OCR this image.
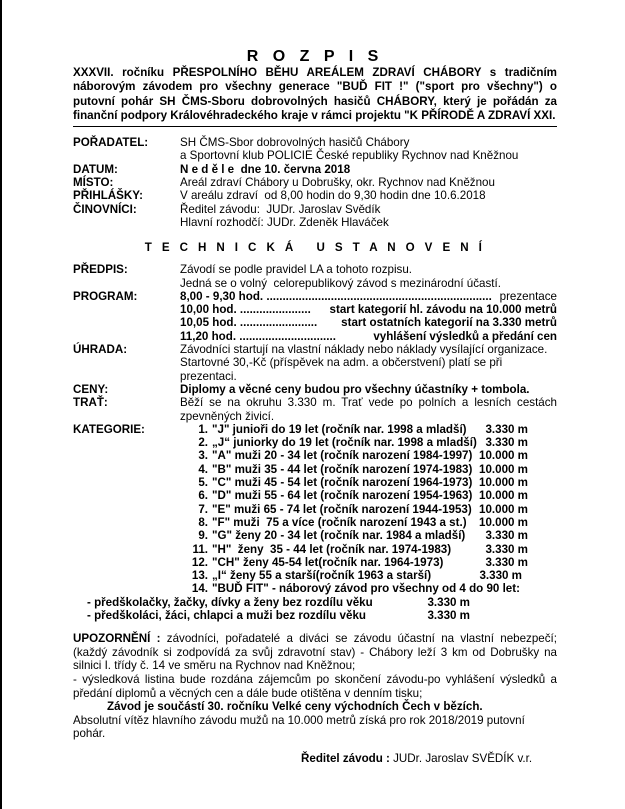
R O Z P I S

XXXVII. ročníku PŘESPOLNÍHO BĚHU AREÁLEM ZDRAVÍ CHÁBORY s tradičním náborovým závodem pro všechny generace "BUĎ FIT !" ("sport pro všechny") o putovní pohár SH ČMS-Sboru dobrovolných hasičů CHÁBORY, který je pořádán za finanční podpory Královéhradeckého kraje v rámci projektu "K PŘÍRODĚ A ZDRAVÍ XXI.

POŘADATEL:	SH ČMS-Sbor dobrovolných hasičů Chábory
a Sportovní klub POLICIE České republiky Rychnov nad Kněžnou
DATUM:	N e d ě l e  dne 10. června 2018
MÍSTO:	Areál zdraví Chábory u Dobrušky, okr. Rychnov nad Kněžnou
PŘIHLÁŠKY:	V areálu zdraví  od 8,00 hodin do 9,30 hodin dne 10.6.2018
ČINOVNÍCI:	Ředitel závodu:  JUDr. Jaroslav Svědík
Hlavní rozhodčí: JUDr. Zdeněk Hlaváček
T E C H N I C K Á   U S T A N O V E N Í
PŘEDPIS:	Závodí se podle pravidel LA a tohoto rozpisu.
Jedná se o volný  celorepublikový závod s mezinárodní účastí.
PROGRAM:	8,00 - 9,30 hod. ...................................................................... prezentace
10,00 hod. ......................	start kategorií hl. závodu na 10.000 metrů
10,05 hod. ........................	start ostatních kategorií na 3.330 metrů
11,20 hod. ..............................	vyhlášení výsledků a předání cen
ÚHRADA:	Závodníci startují na vlastní náklady nebo náklady vysílající organizace.
Startovné 30,-Kč (příspěvek na adm. a občerstvení) platí se při prezentaci.
CENY:	Diplomy a věcné ceny budou pro všechny účastníky + tombola.
TRAŤ:	Běží se na okruhu 3.330 m. Trať vede po polních a lesních cestách zpevněných živicí.
KATEGORIE:	1. "J" junioři do 19 let (ročník nar. 1998 a mladší)	3.330 m
2. „J“ juniorky do 19 let (ročník nar. 1998 a mladší) 3.330 m
3. "A" muži 20 - 34 let (ročník narození 1984-1997) 10.000 m
4. "B" muži 35 - 44 let (ročník narození 1974-1983) 10.000 m
5. "C" muži 45 - 54 let (ročník narození 1964-1973) 10.000 m
6. "D" muži 55 - 64 let (ročník narození 1954-1963) 10.000 m
7. "E" muži 65 - 74 let (ročník narození 1944-1953) 10.000 m
8. "F" muži  75 a více (ročník narození 1943 a st.)	10.000 m
9. "G" ženy 20 - 34 let (ročník nar. 1984 a mladší)	3.330 m
11. "H"  ženy  35 - 44 let (ročník nar. 1974-1983)	3.330 m
12. "CH" ženy 45-54 let(ročník nar. 1964-1973)	3.330 m
13. „I“ ženy 55 a starší(ročník 1963 a starší)	3.330 m
14. "BUĎ FIT" - náborový závod pro všechny od 4 do 90 let:
- předškolačky, žačky, dívky a ženy bez rozdílu věku	3.330 m
- předškoláci, žáci, chlapci a muži bez rozdílu věku	3.330 m
UPOZORNĚNÍ : závodníci, pořadatelé a diváci se závodu účastní na vlastní nebezpečí; (každý závodník si zodpovídá za svůj zdravotní stav) - Chábory leží 3 km od Dobrušky na silnici I. třídy č. 14 ve směru na Rychnov nad Kněžnou;
- výsledková listina bude rozdána zájemcům po skončení závodu-po vyhlášení výsledků a předání diplomů a věcných cen a dále bude otištěna v denním tisku;
Závod je součástí 30. ročníku Velké ceny východních Čech v bězích.
Absolutní vítěz hlavního závodu mužů na 10.000 metrů získá pro rok 2018/2019 putovní pohár.
Ředitel závodu : JUDr. Jaroslav SVĚDÍK v.r.
